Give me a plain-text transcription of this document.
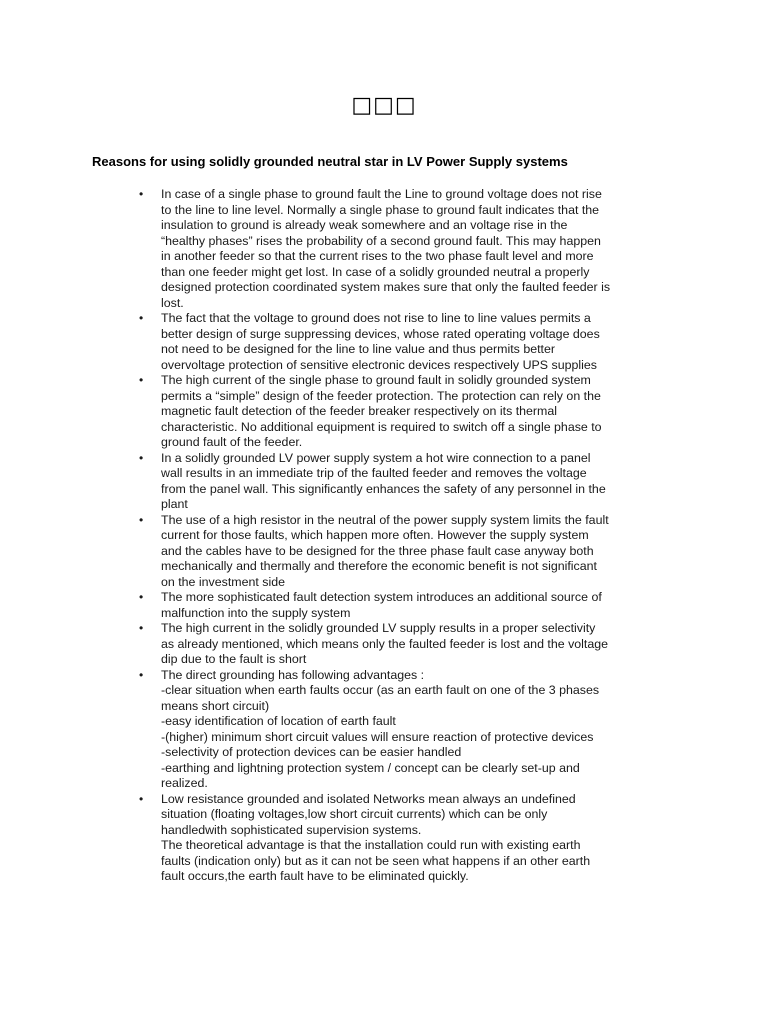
□□□
Reasons for using solidly grounded neutral star in LV Power Supply systems
• In case of a single phase to ground fault the Line to ground voltage does not rise
to the line to line level. Normally a single phase to ground fault indicates that the
insulation to ground is already weak somewhere and an voltage rise in the
“healthy phases” rises the probability of a second ground fault. This may happen
in another feeder so that the current rises to the two phase fault level and more
than one feeder might get lost. In case of a solidly grounded neutral a properly
designed protection coordinated system makes sure that only the faulted feeder is
lost.
• The fact that the voltage to ground does not rise to line to line values permits a
better design of surge suppressing devices, whose rated operating voltage does
not need to be designed for the line to line value and thus permits better
overvoltage protection of sensitive electronic devices respectively UPS supplies
• The high current of the single phase to ground fault in solidly grounded system
permits a “simple” design of the feeder protection. The protection can rely on the
magnetic fault detection of the feeder breaker respectively on its thermal
characteristic. No additional equipment is required to switch off a single phase to
ground fault of the feeder.
• In a solidly grounded LV power supply system a hot wire connection to a panel
wall results in an immediate trip of the faulted feeder and removes the voltage
from the panel wall. This significantly enhances the safety of any personnel in the
plant
• The use of a high resistor in the neutral of the power supply system limits the fault
current for those faults, which happen more often. However the supply system
and the cables have to be designed for the three phase fault case anyway both
mechanically and thermally and therefore the economic benefit is not significant
on the investment side
• The more sophisticated fault detection system introduces an additional source of
malfunction into the supply system
• The high current in the solidly grounded LV supply results in a proper selectivity
as already mentioned, which means only the faulted feeder is lost and the voltage
dip due to the fault is short
• The direct grounding has following advantages :
-clear situation when earth faults occur (as an earth fault on one of the 3 phases
means short circuit)
-easy identification of location of earth fault
-(higher) minimum short circuit values will ensure reaction of protective devices
-selectivity of protection devices can be easier handled
-earthing and lightning protection system / concept can be clearly set-up and
realized.
• Low resistance grounded and isolated Networks mean always an undefined
situation (floating voltages,low short circuit currents) which can be only
handledwith sophisticated supervision systems.
The theoretical advantage is that the installation could run with existing earth
faults (indication only) but as it can not be seen what happens if an other earth
fault occurs,the earth fault have to be eliminated quickly.
